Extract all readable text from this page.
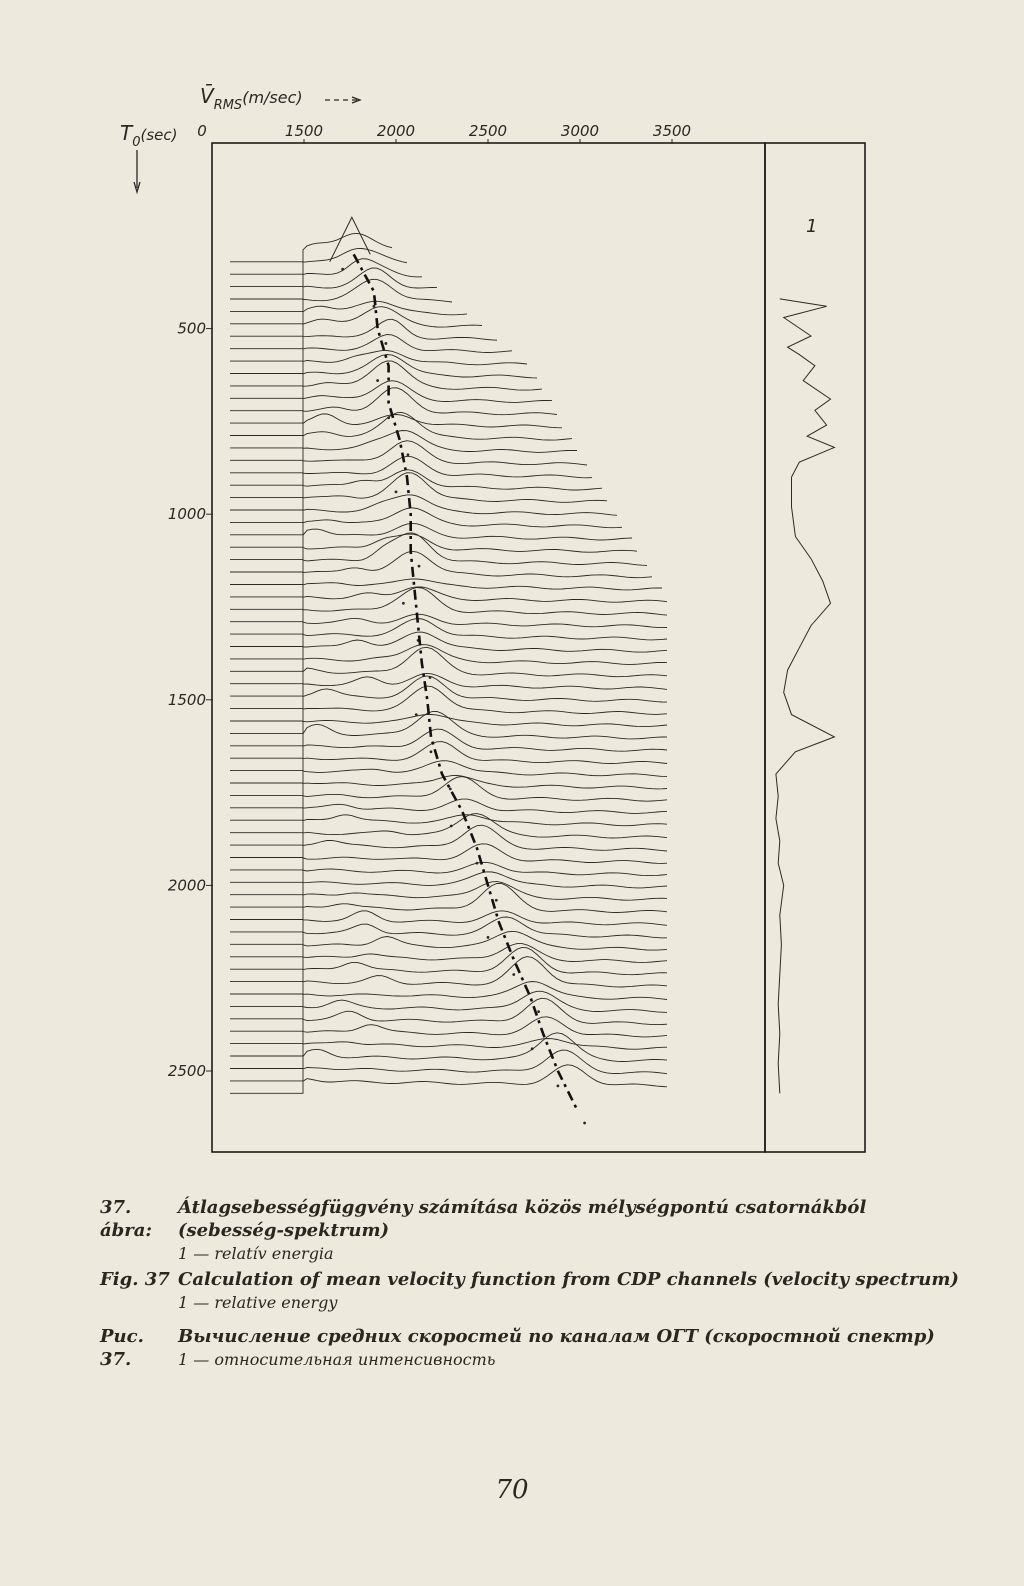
$V̄_{RMS}^{(m/sec)}$
$T_0^{(sec)}$ 0	1500	2000	2500	3000	3500
500
1000
1500
2000
2500
1
37. ábra:
Átlagsebességfüggvény számítása közös mélységpontú csatornákból (sebesség-spektrum)
1 — relatív energia
Fig. 37 Calculation of mean velocity function from CDP channels (velocity spectrum)
1 — relative energy
Рис. 37.
Вычисление средних скоростей по каналам ОГТ (скоростной спектр)
1 — относительная интенсивность
70
